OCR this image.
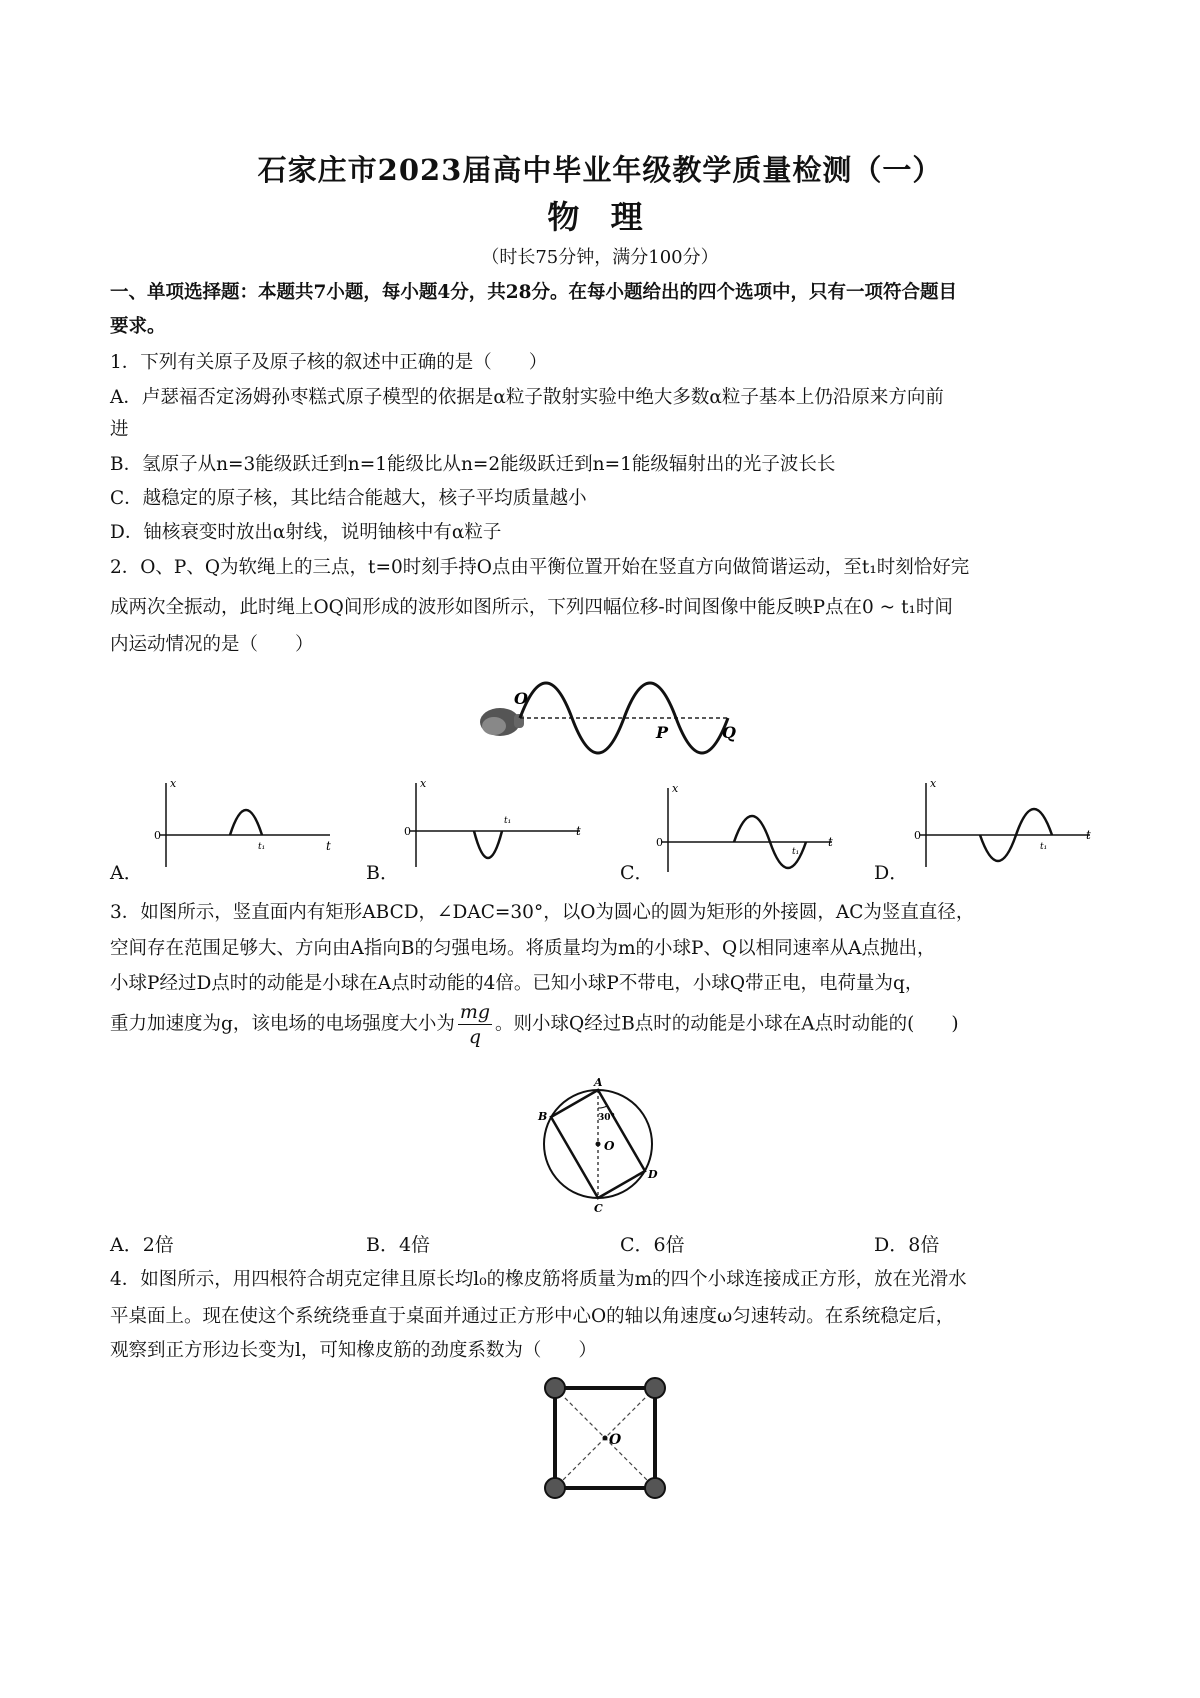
石家庄市2023届高中毕业年级教学质量检测（一）
物 理
（时长75分钟，满分100分）
一、单项选择题：本题共7小题，每小题4分，共28分。在每小题给出的四个选项中，只有一项符合题目
要求。
1．下列有关原子及原子核的叙述中正确的是（　　）
A．卢瑟福否定汤姆孙枣糕式原子模型的依据是α粒子散射实验中绝大多数α粒子基本上仍沿原来方向前
进
B．氢原子从n=3能级跃迁到n=1能级比从n=2能级跃迁到n=1能级辐射出的光子波长长
C．越稳定的原子核，其比结合能越大，核子平均质量越小
D．铀核衰变时放出α射线，说明铀核中有α粒子
2．O、P、Q为软绳上的三点，t=0时刻手持O点由平衡位置开始在竖直方向做简谐运动，至t₁时刻恰好完
成两次全振动，此时绳上OQ间形成的波形如图所示，下列四幅位移-时间图像中能反映P点在0 ~ t₁时间
内运动情况的是（　　）
O
P	Q
x
t
0
t₁
A．
x
t
0
t₁
B．
x
t
0
t₁
C．
x
t
0
t₁
D．
3．如图所示，竖直面内有矩形ABCD，∠DAC=30°，以O为圆心的圆为矩形的外接圆，AC为竖直直径，
空间存在范围足够大、方向由A指向B的匀强电场。将质量均为m的小球P、Q以相同速率从A点抛出，
小球P经过D点时的动能是小球在A点时动能的4倍。已知小球P不带电，小球Q带正电，电荷量为q，
重力加速度为g，该电场的电场强度大小为 $\frac{mg}{q}$ 。则小球Q经过B点时的动能是小球在A点时动能的(　　)
A
B
C
D
O
30°
A．2倍	B．4倍	C．6倍	D．8倍
4．如图所示，用四根符合胡克定律且原长均l₀的橡皮筋将质量为m的四个小球连接成正方形，放在光滑水
平桌面上。现在使这个系统绕垂直于桌面并通过正方形中心O的轴以角速度ω匀速转动。在系统稳定后，
观察到正方形边长变为l，可知橡皮筋的劲度系数为（　　）
O
